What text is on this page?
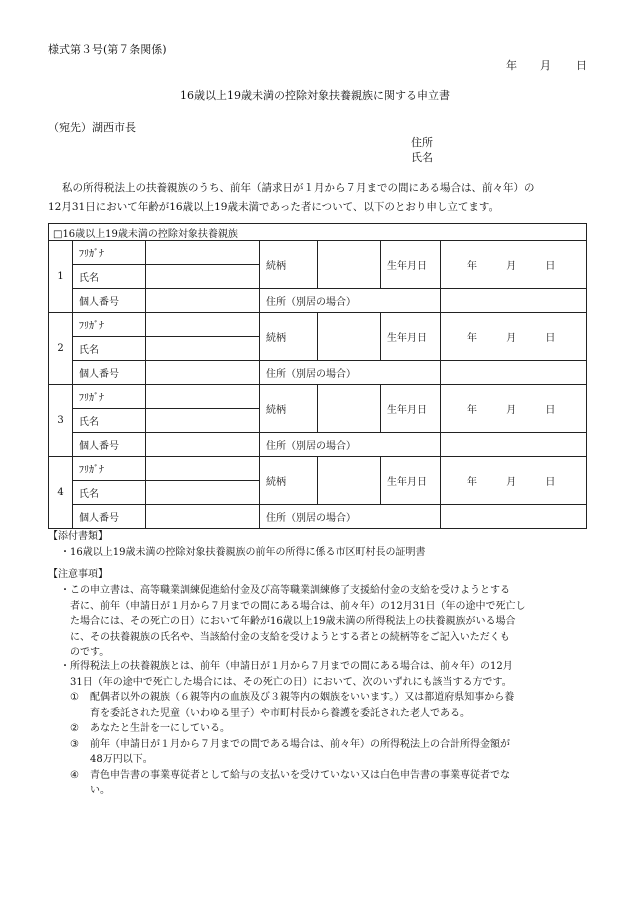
様式第３号(第７条関係)
年 月 日
16歳以上19歳未満の控除対象扶養親族に関する申立書
（宛先）湖西市長
住所
氏名
私の所得税法上の扶養親族のうち、前年（請求日が１月から７月までの間にある場合は、前々年）の
12月31日において年齢が16歳以上19歳未満であった者について、以下のとおり申し立てます。
□16歳以上19歳未満の控除対象扶養親族						
1	ﾌﾘｶﾞﾅ		続柄		生年月日	年 月 日
	氏名					
	個人番号		住所（別居の場合）			
2	ﾌﾘｶﾞﾅ		続柄		生年月日	年 月 日
	氏名					
	個人番号		住所（別居の場合）			
3	ﾌﾘｶﾞﾅ		続柄		生年月日	年 月 日
	氏名					
	個人番号		住所（別居の場合）			
4	ﾌﾘｶﾞﾅ		続柄		生年月日	年 月 日
	氏名					
	個人番号		住所（別居の場合）			
【添付書類】
・16歳以上19歳未満の控除対象扶養親族の前年の所得に係る市区町村長の証明書
【注意事項】
・この申立書は、高等職業訓練促進給付金及び高等職業訓練修了支援給付金の支給を受けようとする
者に、前年（申請日が１月から７月までの間にある場合は、前々年）の12月31日（年の途中で死亡し
た場合には、その死亡の日）において年齢が16歳以上19歳未満の所得税法上の扶養親族がいる場合
に、その扶養親族の氏名や、当該給付金の支給を受けようとする者との続柄等をご記入いただくも
のです。
・所得税法上の扶養親族とは、前年（申請日が１月から７月までの間にある場合は、前々年）の12月
31日（年の途中で死亡した場合には、その死亡の日）において、次のいずれにも該当する方です。
①	配偶者以外の親族（６親等内の血族及び３親等内の姻族をいいます。）又は都道府県知事から養
育を委託された児童（いわゆる里子）や市町村長から養護を委託された老人である。
②	あなたと生計を一にしている。
③	前年（申請日が１月から７月までの間である場合は、前々年）の所得税法上の合計所得金額が
48万円以下。
④	青色申告書の事業専従者として給与の支払いを受けていない又は白色申告書の事業専従者でな
い。
